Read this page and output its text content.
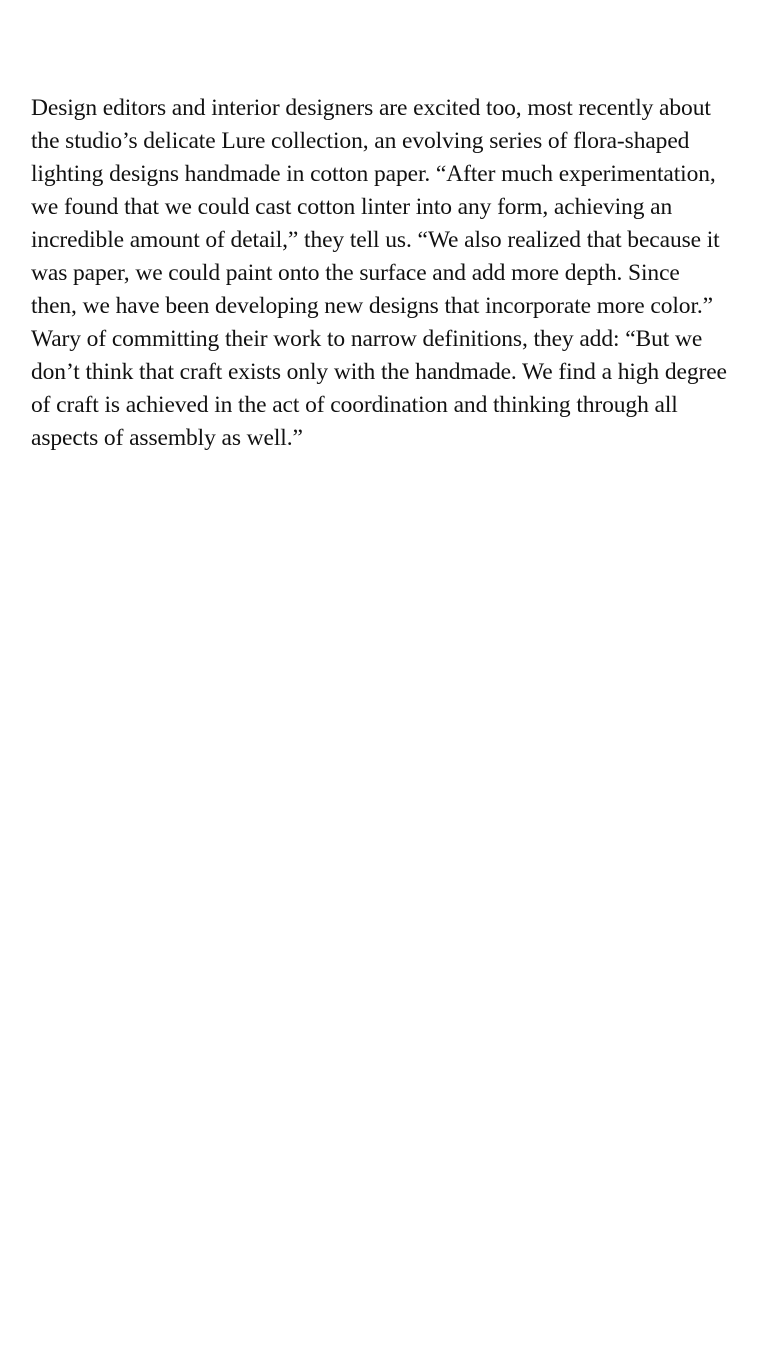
Design editors and interior designers are excited too, most recently about the studio’s delicate Lure collection, an evolving series of flora-shaped lighting designs handmade in cotton paper. “After much experimentation, we found that we could cast cotton linter into any form, achieving an incredible amount of detail,” they tell us. “We also realized that because it was paper, we could paint onto the surface and add more depth. Since then, we have been developing new designs that incorporate more color.” Wary of committing their work to narrow definitions, they add: “But we don’t think that craft exists only with the handmade. We find a high degree of craft is achieved in the act of coordination and thinking through all aspects of assembly as well.”
